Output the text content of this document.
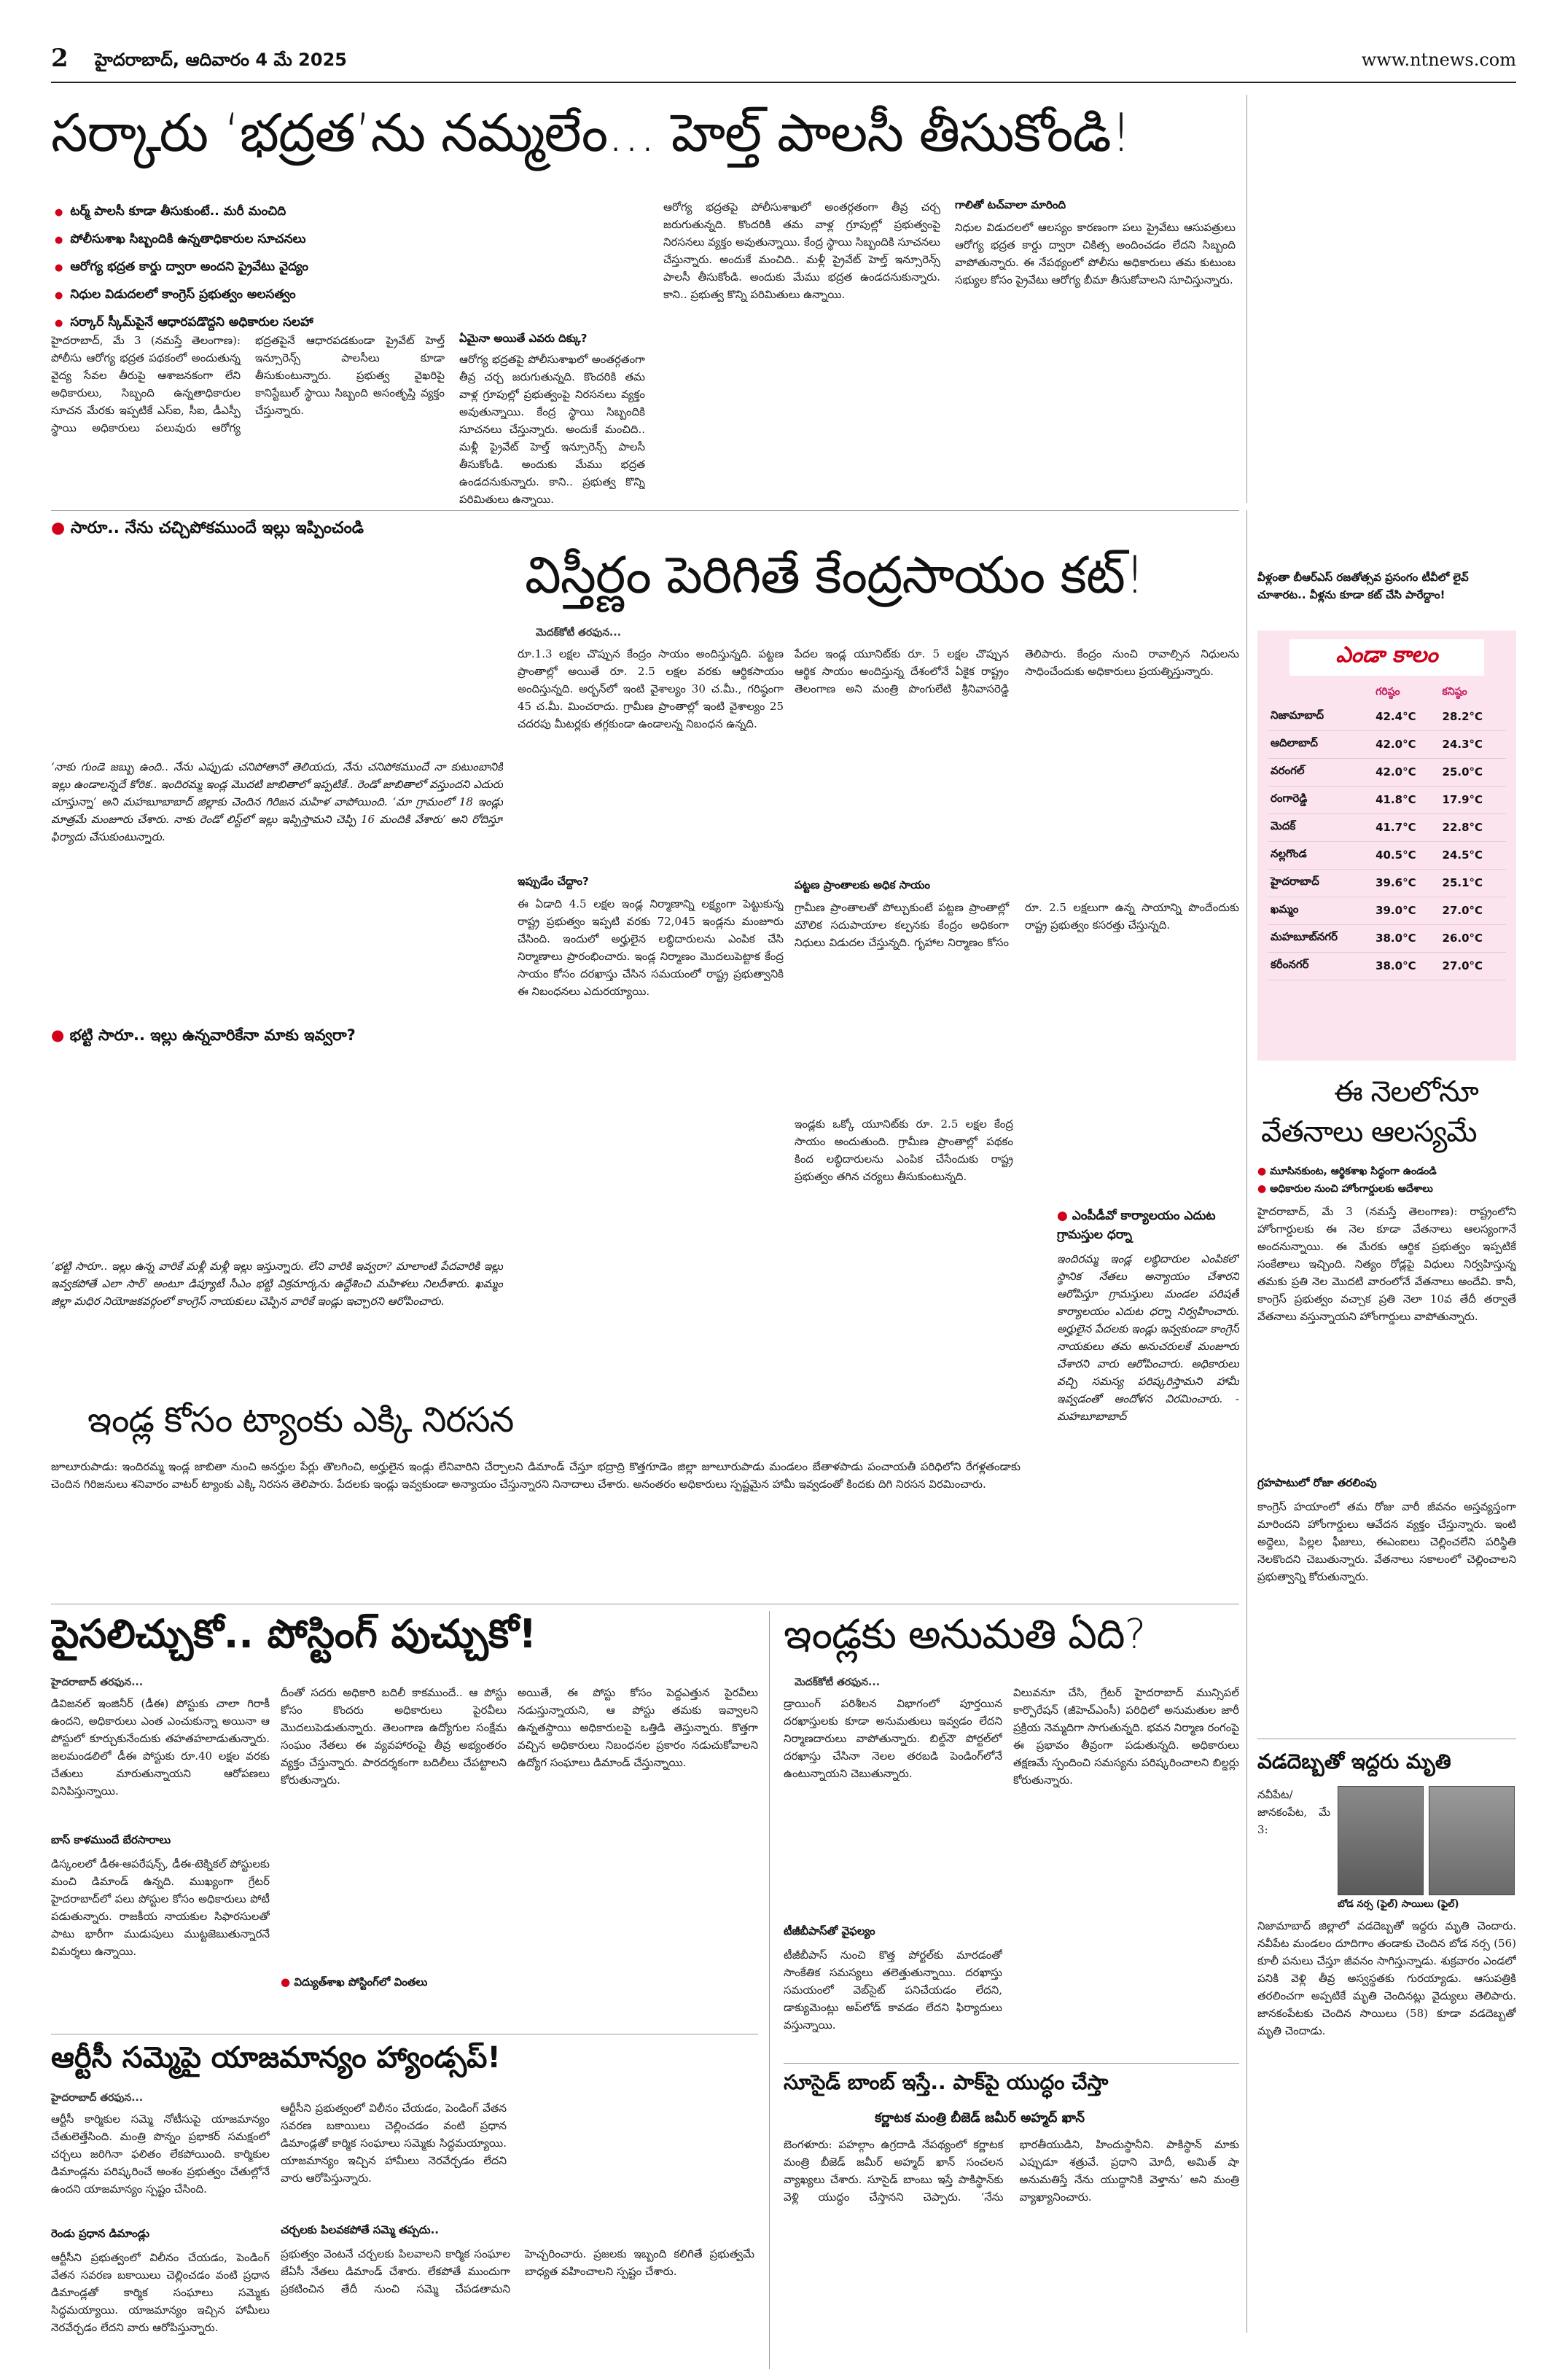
2 హైదరాబాద్, ఆదివారం 4 మే 2025	www.ntnews.com
సర్కారు ‘భద్రత’ను నమ్మలేం... హెల్త్ పాలసీ తీసుకోండి!
● టర్మ్ పాలసీ కూడా తీసుకుంటే.. మరీ మంచిది
● పోలీసుశాఖ సిబ్బందికి ఉన్నతాధికారుల సూచనలు
● ఆరోగ్య భద్రత కార్డు ద్వారా అందని ప్రైవేటు వైద్యం
● నిధుల విడుదలలో కాంగ్రెస్ ప్రభుత్వం అలసత్వం
● సర్కార్ స్కీమ్‌పైనే ఆధారపడొద్దని అధికారుల సలహా
హైదరాబాద్, మే 3 (నమస్తే తెలంగాణ): పోలీసు ఆరోగ్య భద్రత పథకంలో అందుతున్న వైద్య సేవల తీరుపై ఆశాజనకంగా లేని అధికారులు, సిబ్బంది ఉన్నతాధికారుల సూచన మేరకు ఇప్పటికే ఎస్‌ఐ, సీఐ, డీఎస్పీ స్థాయి అధికారులు పలువురు ఆరోగ్య భద్రతపైనే ఆధారపడకుండా ప్రైవేట్ హెల్త్ ఇన్సూరెన్స్ పాలసీలు కూడా తీసుకుంటున్నారు. ప్రభుత్వ వైఖరిపై కానిస్టేబుల్ స్థాయి సిబ్బంది అసంతృప్తి వ్యక్తం చేస్తున్నారు.
ఏమైనా అయితే ఎవరు దిక్కు?
ఆరోగ్య భద్రతపై పోలీసుశాఖలో అంతర్గతంగా తీవ్ర చర్చ జరుగుతున్నది. కొందరికి తమ వాళ్ల గ్రూపుల్లో ప్రభుత్వంపై నిరసనలు వ్యక్తం అవుతున్నాయి. కేంద్ర స్థాయి సిబ్బందికి సూచనలు చేస్తున్నారు. అందుకే మంచిది.. మళ్లీ ప్రైవేట్ హెల్త్ ఇన్సూరెన్స్ పాలసీ తీసుకోండి. అందుకు మేము భద్రత ఉండదనుకున్నారు. కాని.. ప్రభుత్వ కొన్ని పరిమితులు ఉన్నాయి.
ఆరోగ్య భద్రతపై పోలీసుశాఖలో అంతర్గతంగా తీవ్ర చర్చ జరుగుతున్నది. కొందరికి తమ వాళ్ల గ్రూపుల్లో ప్రభుత్వంపై నిరసనలు వ్యక్తం అవుతున్నాయి. కేంద్ర స్థాయి సిబ్బందికి సూచనలు చేస్తున్నారు. అందుకే మంచిది.. మళ్లీ ప్రైవేట్ హెల్త్ ఇన్సూరెన్స్ పాలసీ తీసుకోండి. అందుకు మేము భద్రత ఉండదనుకున్నారు. కాని.. ప్రభుత్వ కొన్ని పరిమితులు ఉన్నాయి.
గాలితో టచ్‌వాలా మారింది
నిధుల విడుదలలో ఆలస్యం కారణంగా పలు ప్రైవేటు ఆసుపత్రులు ఆరోగ్య భద్రత కార్డు ద్వారా చికిత్స అందించడం లేదని సిబ్బంది వాపోతున్నారు. ఈ నేపథ్యంలో పోలీసు అధికారులు తమ కుటుంబ సభ్యుల కోసం ప్రైవేటు ఆరోగ్య బీమా తీసుకోవాలని సూచిస్తున్నారు.
● సారూ.. నేను చచ్చిపోకముందే ఇల్లు ఇప్పించండి
‘నాకు గుండె జబ్బు ఉంది.. నేను ఎప్పుడు చనిపోతానో తెలియదు, నేను చనిపోకముందే నా కుటుంబానికి ఇల్లు ఉండాలన్నదే కోరిక.. ఇందిరమ్మ ఇండ్ల మొదటి జాబితాలో ఇప్పటికే.. రెండో జాబితాలో వస్తుందని ఎదురు చూస్తున్నా’ అని మహబూబాబాద్ జిల్లాకు చెందిన గిరిజన మహిళ వాపోయింది. ‘మా గ్రామంలో 18 ఇండ్లు మాత్రమే మంజూరు చేశారు. నాకు రెండో లిస్ట్‌లో ఇల్లు ఇప్పిస్తామని చెప్పి 16 మందికి వేశారు’ అని రోదిస్తూ ఫిర్యాదు చేసుకుంటున్నారు.
● భట్టి సారూ.. ఇల్లు ఉన్నవారికేనా మాకు ఇవ్వరా?
‘భట్టి సారూ.. ఇల్లు ఉన్న వారికే మళ్లీ మళ్లీ ఇల్లు ఇస్తున్నారు. లేని వారికి ఇవ్వరా? మాలాంటి పేదవారికి ఇల్లు ఇవ్వకపోతే ఎలా సార్’ అంటూ డిప్యూటీ సీఎం భట్టి విక్రమార్కను ఉద్దేశించి మహిళలు నిలదీశారు. ఖమ్మం జిల్లా మధిర నియోజకవర్గంలో కాంగ్రెస్ నాయకులు చెప్పిన వారికే ఇండ్లు ఇచ్చారని ఆరోపించారు.
విస్తీర్ణం పెరిగితే కేంద్రసాయం కట్!
మెదక్‌కోటీ తరఫున...
రూ.1.3 లక్షల చొప్పున కేంద్రం సాయం అందిస్తున్నది. పట్టణ ప్రాంతాల్లో అయితే రూ. 2.5 లక్షల వరకు ఆర్థికసాయం అందిస్తున్నది. అర్బన్‌లో ఇంటి వైశాల్యం 30 చ.మీ., గరిష్ఠంగా 45 చ.మీ. మించరాదు. గ్రామీణ ప్రాంతాల్లో ఇంటి వైశాల్యం 25 చదరపు మీటర్లకు తగ్గకుండా ఉండాలన్న నిబంధన ఉన్నది.
ఇప్పుడేం చేద్దాం?
ఈ ఏడాది 4.5 లక్షల ఇండ్ల నిర్మాణాన్ని లక్ష్యంగా పెట్టుకున్న రాష్ట్ర ప్రభుత్వం ఇప్పటి వరకు 72,045 ఇండ్లను మంజూరు చేసింది. ఇందులో అర్హులైన లబ్ధిదారులను ఎంపిక చేసి నిర్మాణాలు ప్రారంభించారు. ఇండ్ల నిర్మాణం మొదలుపెట్టాక కేంద్ర సాయం కోసం దరఖాస్తు చేసిన సమయంలో రాష్ట్ర ప్రభుత్వానికి ఈ నిబంధనలు ఎదురయ్యాయి.
పేదల ఇండ్ల యూనిట్‌కు రూ. 5 లక్షల చొప్పున ఆర్థిక సాయం అందిస్తున్న దేశంలోనే ఏకైక రాష్ట్రం తెలంగాణ అని మంత్రి పొంగులేటి శ్రీనివాసరెడ్డి తెలిపారు. కేంద్రం నుంచి రావాల్సిన నిధులను సాధించేందుకు అధికారులు ప్రయత్నిస్తున్నారు.
పట్టణ ప్రాంతాలకు అధిక సాయం
గ్రామీణ ప్రాంతాలతో పోల్చుకుంటే పట్టణ ప్రాంతాల్లో మౌలిక సదుపాయాల కల్పనకు కేంద్రం అధికంగా నిధులు విడుదల చేస్తున్నది. గృహాల నిర్మాణం కోసం రూ. 2.5 లక్షలుగా ఉన్న సాయాన్ని పొందేందుకు రాష్ట్ర ప్రభుత్వం కసరత్తు చేస్తున్నది.
ఇండ్లకు ఒక్కో యూనిట్‌కు రూ. 2.5 లక్షల కేంద్ర సాయం అందుతుంది. గ్రామీణ ప్రాంతాల్లో పథకం కింద లబ్ధిదారులను ఎంపిక చేసేందుకు రాష్ట్ర ప్రభుత్వం తగిన చర్యలు తీసుకుంటున్నది.
● ఎంపీడీవో కార్యాలయం ఎదుట గ్రామస్తుల ధర్నా
ఇందిరమ్మ ఇండ్ల లబ్ధిదారుల ఎంపికలో స్థానిక నేతలు అన్యాయం చేశారని ఆరోపిస్తూ గ్రామస్తులు మండల పరిషత్ కార్యాలయం ఎదుట ధర్నా నిర్వహించారు. అర్హులైన పేదలకు ఇండ్లు ఇవ్వకుండా కాంగ్రెస్ నాయకులు తమ అనుచరులకే మంజూరు చేశారని వారు ఆరోపించారు. అధికారులు వచ్చి సమస్య పరిష్కరిస్తామని హామీ ఇవ్వడంతో ఆందోళన విరమించారు. - మహబూబాబాద్
ఇండ్ల కోసం ట్యాంకు ఎక్కి నిరసన
జూలూరుపాడు: ఇందిరమ్మ ఇండ్ల జాబితా నుంచి అనర్హుల పేర్లు తొలగించి, అర్హులైన ఇండ్లు లేనివారిని చేర్చాలని డిమాండ్ చేస్తూ భద్రాద్రి కొత్తగూడెం జిల్లా జూలూరుపాడు మండలం బేతాళపాడు పంచాయతీ పరిధిలోని రేగళ్లతండాకు చెందిన గిరిజనులు శనివారం వాటర్ ట్యాంకు ఎక్కి నిరసన తెలిపారు. పేదలకు ఇండ్లు ఇవ్వకుండా అన్యాయం చేస్తున్నారని నినాదాలు చేశారు. అనంతరం అధికారులు స్పష్టమైన హామీ ఇవ్వడంతో కిందకు దిగి నిరసన విరమించారు.
వీళ్లంతా బీఆర్ఎస్ రజతోత్సవ ప్రసంగం టీవీలో లైవ్ చూశారట.. వీళ్లను కూడా కట్ చేసి పారేద్దాం!
ఎండా కాలం
	గరిష్ఠం	కనిష్ఠం
నిజామాబాద్	42.4°C	28.2°C
ఆదిలాబాద్	42.0°C	24.3°C
వరంగల్	42.0°C	25.0°C
రంగారెడ్డి	41.8°C	17.9°C
మెదక్	41.7°C	22.8°C
నల్లగొండ	40.5°C	24.5°C
హైదరాబాద్	39.6°C	25.1°C
ఖమ్మం	39.0°C	27.0°C
మహబూబ్‌నగర్	38.0°C	26.0°C
కరీంనగర్	38.0°C	27.0°C
ఈ నెలలోనూ
వేతనాలు ఆలస్యమే
● మూసినకుంట, ఆర్థికశాఖ సిద్ధంగా ఉండండి
● అధికారుల నుంచి హోంగార్డులకు ఆదేశాలు
హైదరాబాద్, మే 3 (నమస్తే తెలంగాణ): రాష్ట్రంలోని హోంగార్డులకు ఈ నెల కూడా వేతనాలు ఆలస్యంగానే అందనున్నాయి. ఈ మేరకు ఆర్థిక ప్రభుత్వం ఇప్పటికే సంకేతాలు ఇచ్చింది. నిత్యం రోడ్లపై విధులు నిర్వహిస్తున్న తమకు ప్రతి నెల మొదటి వారంలోనే వేతనాలు అందేవి. కానీ, కాంగ్రెస్ ప్రభుత్వం వచ్చాక ప్రతి నెలా 10వ తేదీ తర్వాతే వేతనాలు వస్తున్నాయని హోంగార్డులు వాపోతున్నారు.
గ్రహపాటులో రోజా తరలింపు
కాంగ్రెస్ హయాంలో తమ రోజు వారీ జీవనం అస్తవ్యస్తంగా మారిందని హోంగార్డులు ఆవేదన వ్యక్తం చేస్తున్నారు. ఇంటి అద్దెలు, పిల్లల ఫీజులు, ఈఎంఐలు చెల్లించలేని పరిస్థితి నెలకొందని చెబుతున్నారు. వేతనాలు సకాలంలో చెల్లించాలని ప్రభుత్వాన్ని కోరుతున్నారు.
వడదెబ్బతో ఇద్దరు మృతి
నవీపేట/జానకంపేట, మే 3:
బోడ నర్స (ఫైల్) సాయిలు (ఫైల్)
నిజామాబాద్ జిల్లాలో వడదెబ్బతో ఇద్దరు మృతి చెందారు. నవీపేట మండలం దూదిగాం తండాకు చెందిన బోడ నర్స (56) కూలీ పనులు చేస్తూ జీవనం సాగిస్తున్నాడు. శుక్రవారం ఎండలో పనికి వెళ్లి తీవ్ర అస్వస్థతకు గురయ్యాడు. ఆసుపత్రికి తరలించగా అప్పటికే మృతి చెందినట్లు వైద్యులు తెలిపారు. జానకంపేటకు చెందిన సాయిలు (58) కూడా వడదెబ్బతో మృతి చెందాడు.
పైసలిచ్చుకో.. పోస్టింగ్ పుచ్చుకో!
హైదరాబాద్ తరఫున...
డివిజనల్ ఇంజినీర్ (డీఈ) పోస్టుకు చాలా గిరాకీ ఉందని, అధికారులు ఎంత ఎంచుకున్నా అయినా ఆ పోస్టులో కూర్చుకునేందుకు తహతహలాడుతున్నారు. జలమండలిలో డీఈ పోస్టుకు రూ.40 లక్షల వరకు చేతులు మారుతున్నాయని ఆరోపణలు వినిపిస్తున్నాయి.
బాస్ కాళముందే బేరసారాలు
డిస్కంలలో డీఈ-ఆపరేషన్స్, డీఈ-టెక్నికల్ పోస్టులకు మంచి డిమాండ్ ఉన్నది. ముఖ్యంగా గ్రేటర్ హైదరాబాద్‌లో పలు పోస్టుల కోసం అధికారులు పోటీ పడుతున్నారు. రాజకీయ నాయకుల సిఫారసులతో పాటు భారీగా ముడుపులు ముట్టజెబుతున్నారనే విమర్శలు ఉన్నాయి.
దీంతో సదరు అధికారి బదిలీ కాకముందే.. ఆ పోస్టు కోసం కొందరు అధికారులు పైరవీలు మొదలుపెడుతున్నారు. తెలంగాణ ఉద్యోగుల సంక్షేమ సంఘం నేతలు ఈ వ్యవహారంపై తీవ్ర అభ్యంతరం వ్యక్తం చేస్తున్నారు. పారదర్శకంగా బదిలీలు చేపట్టాలని కోరుతున్నారు.
● విద్యుత్‌శాఖ పోస్టింగ్‌లో వింతలు
అయితే, ఈ పోస్టు కోసం పెద్దఎత్తున పైరవీలు నడుస్తున్నాయని, ఆ పోస్టు తమకు ఇవ్వాలని ఉన్నతస్థాయి అధికారులపై ఒత్తిడి తెస్తున్నారు. కొత్తగా వచ్చిన అధికారులు నిబంధనల ప్రకారం నడుచుకోవాలని ఉద్యోగ సంఘాలు డిమాండ్ చేస్తున్నాయి.
ఆర్టీసీ సమ్మెపై యాజమాన్యం హ్యాండ్సప్!
హైదరాబాద్ తరఫున...
ఆర్టీసీ కార్మికుల సమ్మె నోటీసుపై యాజమాన్యం చేతులెత్తేసింది. మంత్రి పొన్నం ప్రభాకర్ సమక్షంలో చర్చలు జరిగినా ఫలితం లేకపోయింది. కార్మికుల డిమాండ్లను పరిష్కరించే అంశం ప్రభుత్వం చేతుల్లోనే ఉందని యాజమాన్యం స్పష్టం చేసింది.
రెండు ప్రధాన డిమాండ్లు
ఆర్టీసీని ప్రభుత్వంలో విలీనం చేయడం, పెండింగ్ వేతన సవరణ బకాయిలు చెల్లించడం వంటి ప్రధాన డిమాండ్లతో కార్మిక సంఘాలు సమ్మెకు సిద్ధమయ్యాయి. యాజమాన్యం ఇచ్చిన హామీలు నెరవేర్చడం లేదని వారు ఆరోపిస్తున్నారు.
ఆర్టీసీని ప్రభుత్వంలో విలీనం చేయడం, పెండింగ్ వేతన సవరణ బకాయిలు చెల్లించడం వంటి ప్రధాన డిమాండ్లతో కార్మిక సంఘాలు సమ్మెకు సిద్ధమయ్యాయి. యాజమాన్యం ఇచ్చిన హామీలు నెరవేర్చడం లేదని వారు ఆరోపిస్తున్నారు.
చర్చలకు పిలవకపోతే సమ్మె తప్పదు..
ప్రభుత్వం వెంటనే చర్చలకు పిలవాలని కార్మిక సంఘాల జేఏసీ నేతలు డిమాండ్ చేశారు. లేకపోతే ముందుగా ప్రకటించిన తేదీ నుంచి సమ్మె చేపడతామని హెచ్చరించారు. ప్రజలకు ఇబ్బంది కలిగితే ప్రభుత్వమే బాధ్యత వహించాలని స్పష్టం చేశారు.
ఇండ్లకు అనుమతి ఏది?
మెదక్‌కోటీ తరఫున...
డ్రాయింగ్ పరిశీలన విభాగంలో పూర్తయిన దరఖాస్తులకు కూడా అనుమతులు ఇవ్వడం లేదని నిర్మాణదారులు వాపోతున్నారు. బిల్డ్‌నౌ పోర్టల్‌లో దరఖాస్తు చేసినా నెలల తరబడి పెండింగ్‌లోనే ఉంటున్నాయని చెబుతున్నారు.
టీజీబీపాస్‌తో వైఫల్యం
టీజీబీపాస్ నుంచి కొత్త పోర్టల్‌కు మారడంతో సాంకేతిక సమస్యలు తలెత్తుతున్నాయి. దరఖాస్తు సమయంలో వెబ్‌సైట్ పనిచేయడం లేదని, డాక్యుమెంట్లు అప్‌లోడ్ కావడం లేదని ఫిర్యాదులు వస్తున్నాయి.
విలువనూ చేసి, గ్రేటర్ హైదరాబాద్ మున్సిపల్ కార్పొరేషన్ (జీహెచ్ఎంసీ) పరిధిలో అనుమతుల జారీ ప్రక్రియ నెమ్మదిగా సాగుతున్నది. భవన నిర్మాణ రంగంపై ఈ ప్రభావం తీవ్రంగా పడుతున్నది. అధికారులు తక్షణమే స్పందించి సమస్యను పరిష్కరించాలని బిల్డర్లు కోరుతున్నారు.
సూసైడ్ బాంబ్ ఇస్తే.. పాక్‌పై యుద్ధం చేస్తా
కర్ణాటక మంత్రి బీజెడ్ జమీర్ అహ్మద్ ఖాన్
బెంగళూరు: పహల్గాం ఉగ్రదాడి నేపథ్యంలో కర్ణాటక మంత్రి బీజెడ్ జమీర్ అహ్మద్ ఖాన్ సంచలన వ్యాఖ్యలు చేశారు. సూసైడ్ బాంబు ఇస్తే పాకిస్థాన్‌కు వెళ్లి యుద్ధం చేస్తానని చెప్పారు. ‘నేను భారతీయుడిని, హిందుస్థానీని. పాకిస్థాన్ మాకు ఎప్పుడూ శత్రువే. ప్రధాని మోదీ, అమిత్ షా అనుమతిస్తే నేను యుద్ధానికి వెళ్తాను’ అని మంత్రి వ్యాఖ్యానించారు.
